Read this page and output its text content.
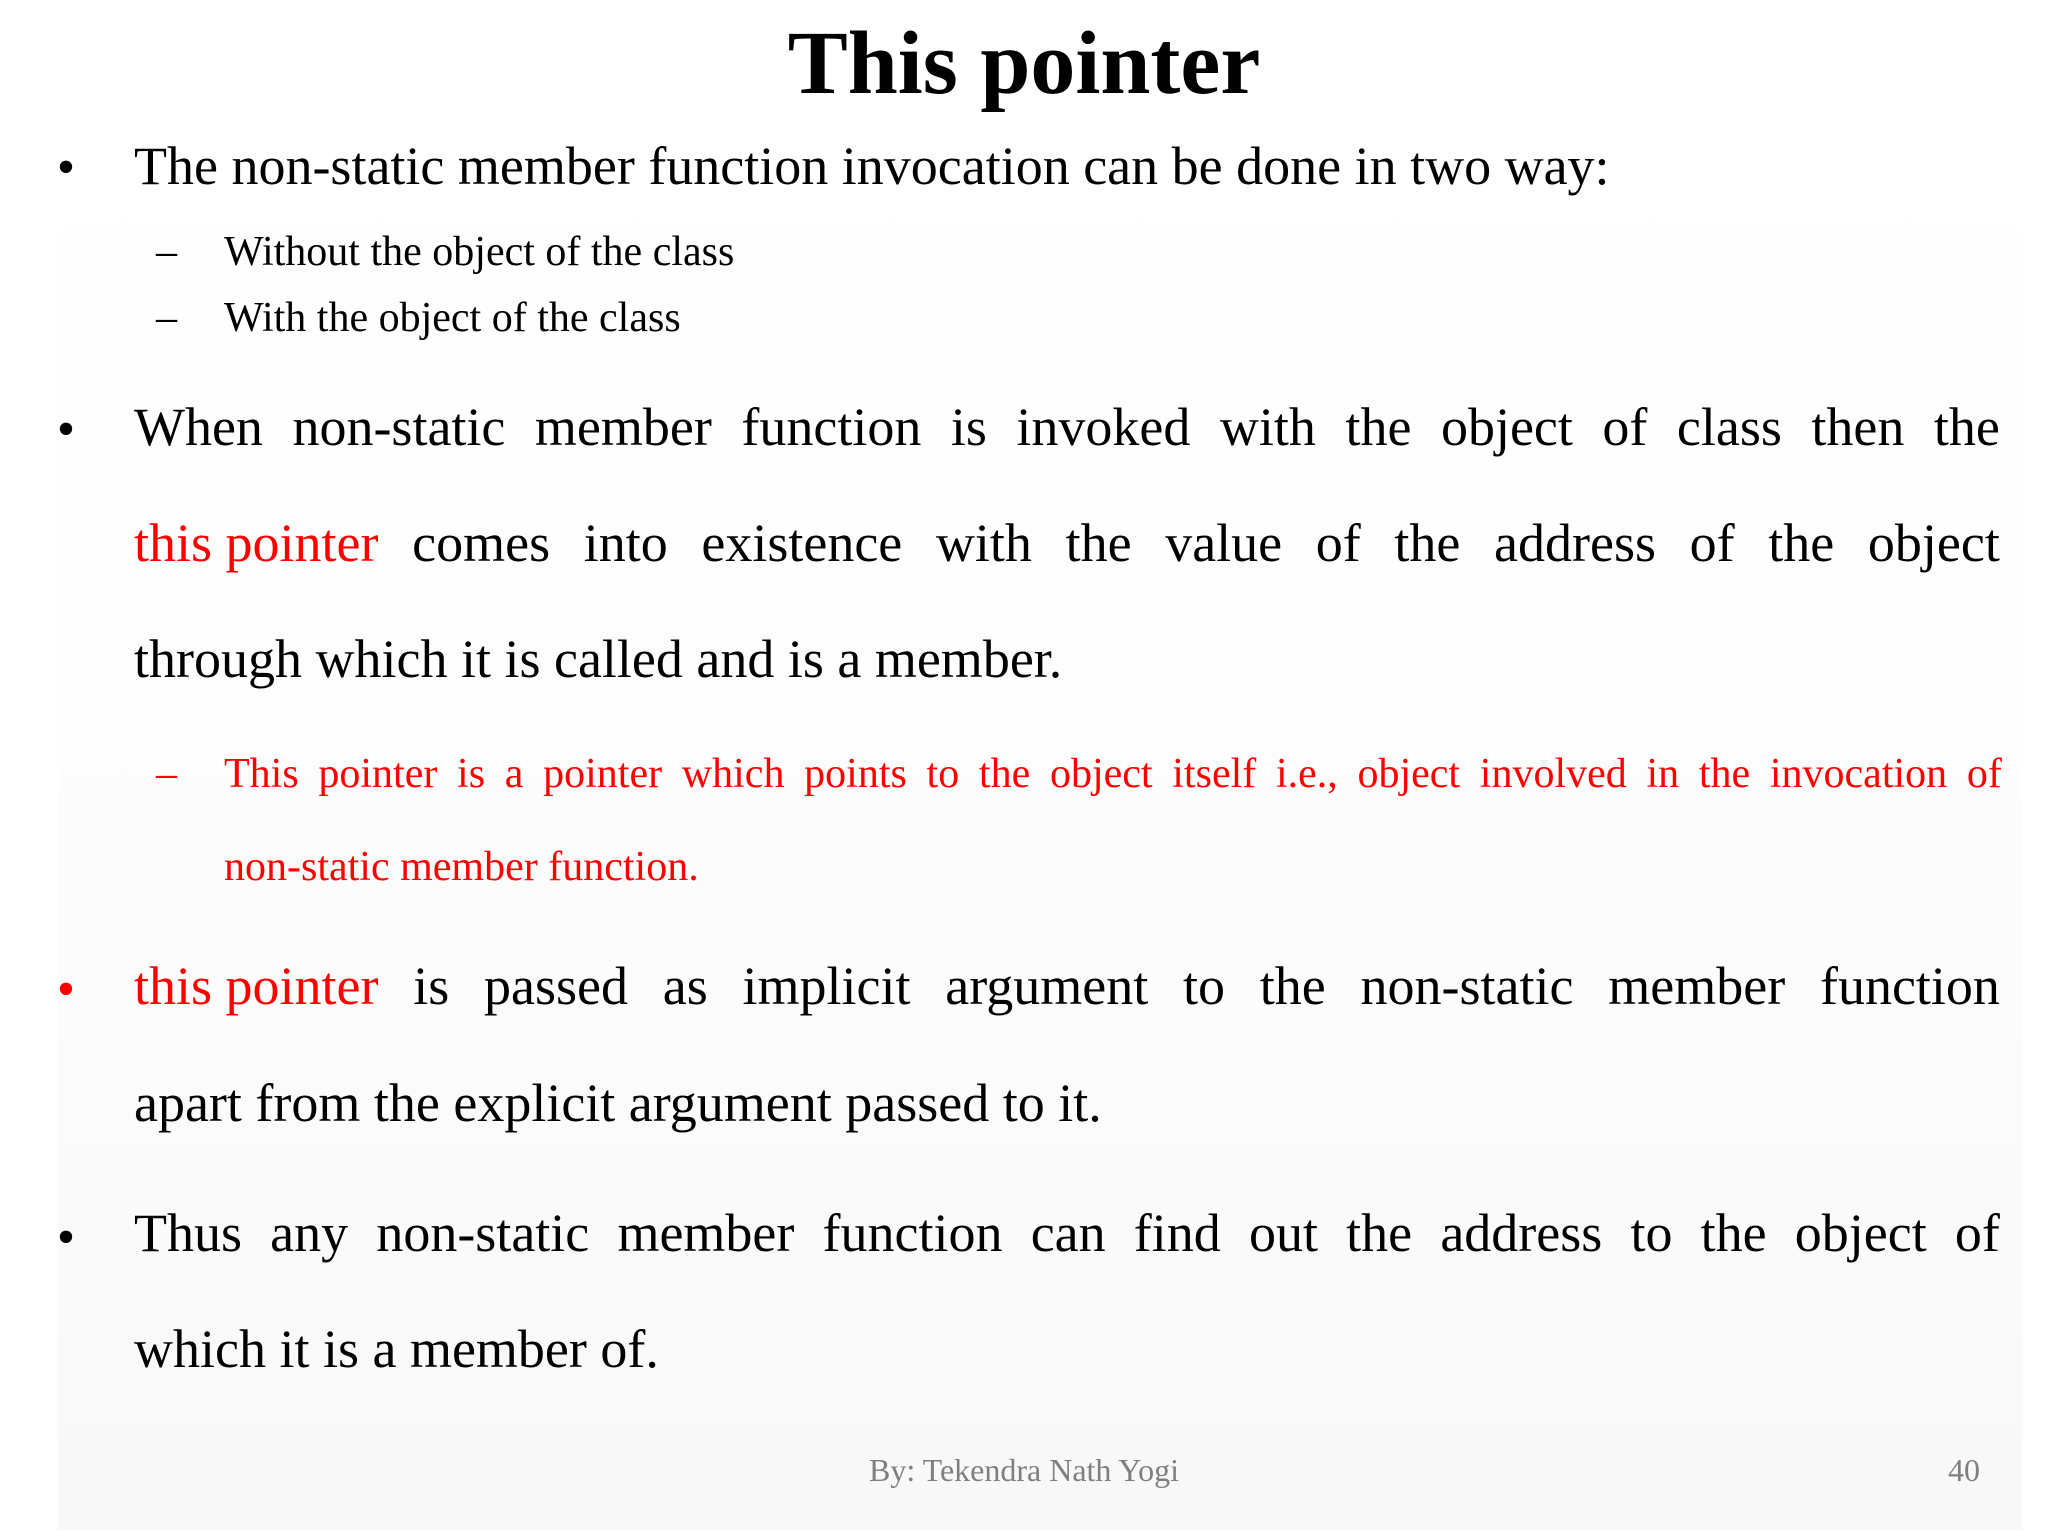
This pointer
• The non-static member function invocation can be done in two way:
– Without the object of the class
– With the object of the class
• When non-static member function is invoked with the object of class then the
this pointer comes into existence with the value of the address of the object
through which it is called and is a member.
– This pointer is a pointer which points to the object itself i.e., object involved in the invocation of
non-static member function.
• this pointer is passed as implicit argument to the non-static member function
apart from the explicit argument passed to it.
• Thus any non-static member function can find out the address to the object of
which it is a member of.
By: Tekendra Nath Yogi	40
